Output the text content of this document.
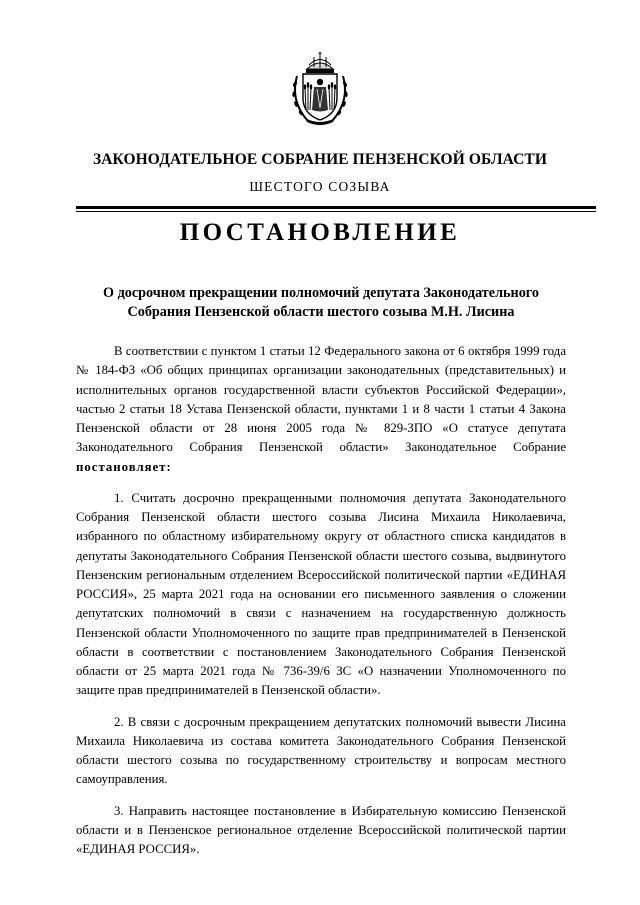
ЗАКОНОДАТЕЛЬНОЕ СОБРАНИЕ ПЕНЗЕНСКОЙ ОБЛАСТИ
ШЕСТОГО СОЗЫВА
ПОСТАНОВЛЕНИЕ
О досрочном прекращении полномочий депутата Законодательного Собрания Пензенской области шестого созыва М.Н. Лисина

В соответствии с пунктом 1 статьи 12 Федерального закона от 6 октября 1999 года № 184-ФЗ «Об общих принципах организации законодательных (представительных) и исполнительных органов государственной власти субъектов Российской Федерации», частью 2 статьи 18 Устава Пензенской области, пунктами 1 и 8 части 1 статьи 4 Закона Пензенской области от 28 июня 2005 года № 829-ЗПО «О статусе депутата Законодательного Собрания Пензенской области» Законодательное Собрание постановляет:

1. Считать досрочно прекращенными полномочия депутата Законодательного Собрания Пензенской области шестого созыва Лисина Михаила Николаевича, избранного по областному избирательному округу от областного списка кандидатов в депутаты Законодательного Собрания Пензенской области шестого созыва, выдвинутого Пензенским региональным отделением Всероссийской политической партии «ЕДИНАЯ РОССИЯ», 25 марта 2021 года на основании его письменного заявления о сложении депутатских полномочий в связи с назначением на государственную должность Пензенской области Уполномоченного по защите прав предпринимателей в Пензенской области в соответствии с постановлением Законодательного Собрания Пензенской области от 25 марта 2021 года № 736-39/6 ЗС «О назначении Уполномоченного по защите прав предпринимателей в Пензенской области».

2. В связи с досрочным прекращением депутатских полномочий вывести Лисина Михаила Николаевича из состава комитета Законодательного Собрания Пензенской области шестого созыва по государственному строительству и вопросам местного самоуправления.

3. Направить настоящее постановление в Избирательную комиссию Пензенской области и в Пензенское региональное отделение Всероссийской политической партии «ЕДИНАЯ РОССИЯ».
